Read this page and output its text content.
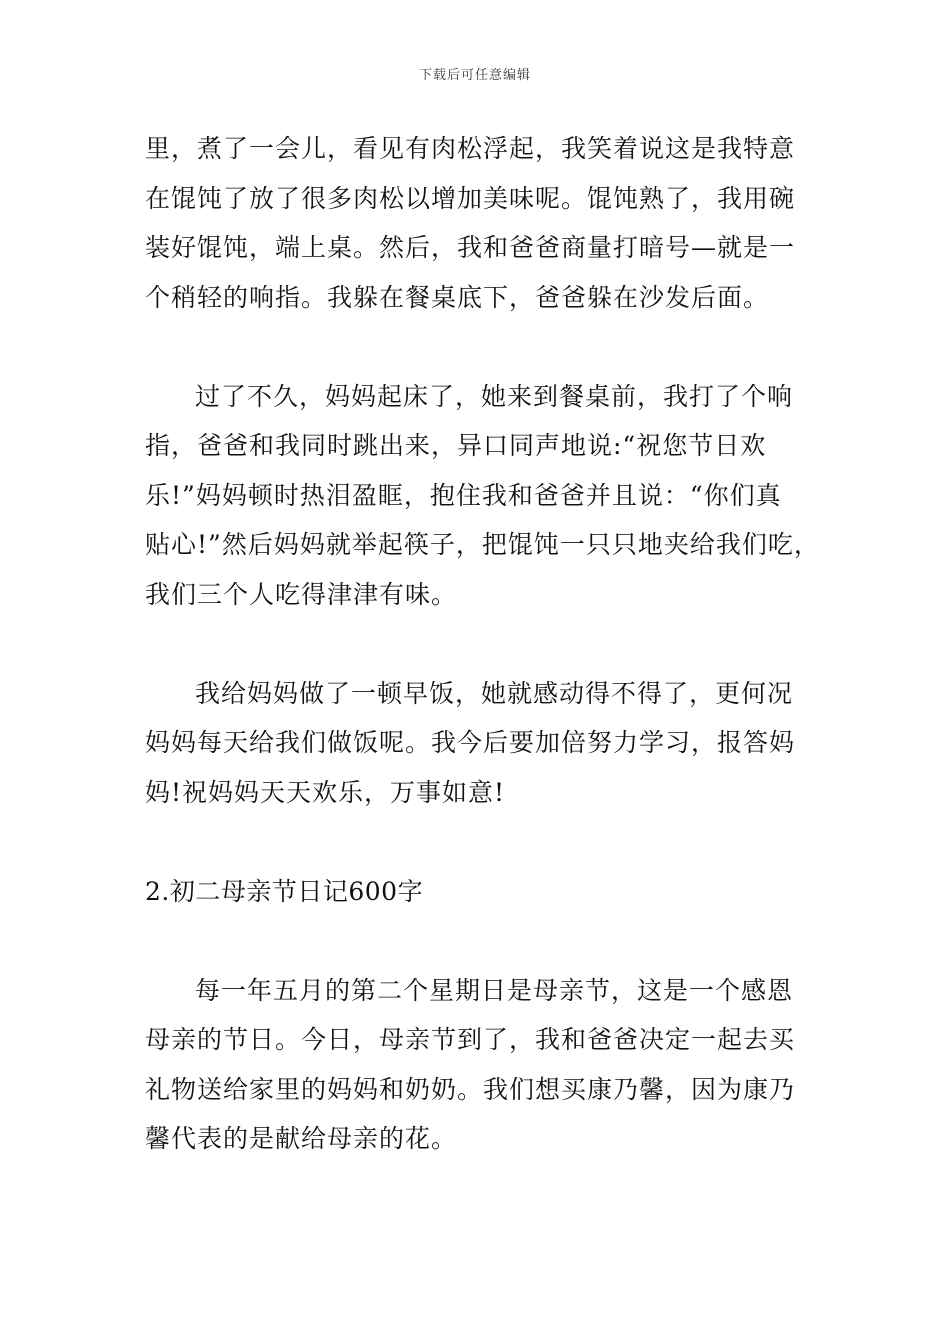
下载后可任意编辑
里，煮了一会儿，看见有肉松浮起，我笑着说这是我特意
在馄饨了放了很多肉松以增加美味呢。馄饨熟了，我用碗
装好馄饨，端上桌。然后，我和爸爸商量打暗号—就是一
个稍轻的响指。我躲在餐桌底下，爸爸躲在沙发后面。
过了不久，妈妈起床了，她来到餐桌前，我打了个响
指，爸爸和我同时跳出来，异口同声地说:“祝您节日欢
乐!”妈妈顿时热泪盈眶，抱住我和爸爸并且说：“你们真
贴心!”然后妈妈就举起筷子，把馄饨一只只地夹给我们吃，
我们三个人吃得津津有味。
我给妈妈做了一顿早饭，她就感动得不得了，更何况
妈妈每天给我们做饭呢。我今后要加倍努力学习，报答妈
妈!祝妈妈天天欢乐，万事如意!
2.初二母亲节日记600字
每一年五月的第二个星期日是母亲节，这是一个感恩
母亲的节日。今日，母亲节到了，我和爸爸决定一起去买
礼物送给家里的妈妈和奶奶。我们想买康乃馨，因为康乃
馨代表的是献给母亲的花。
